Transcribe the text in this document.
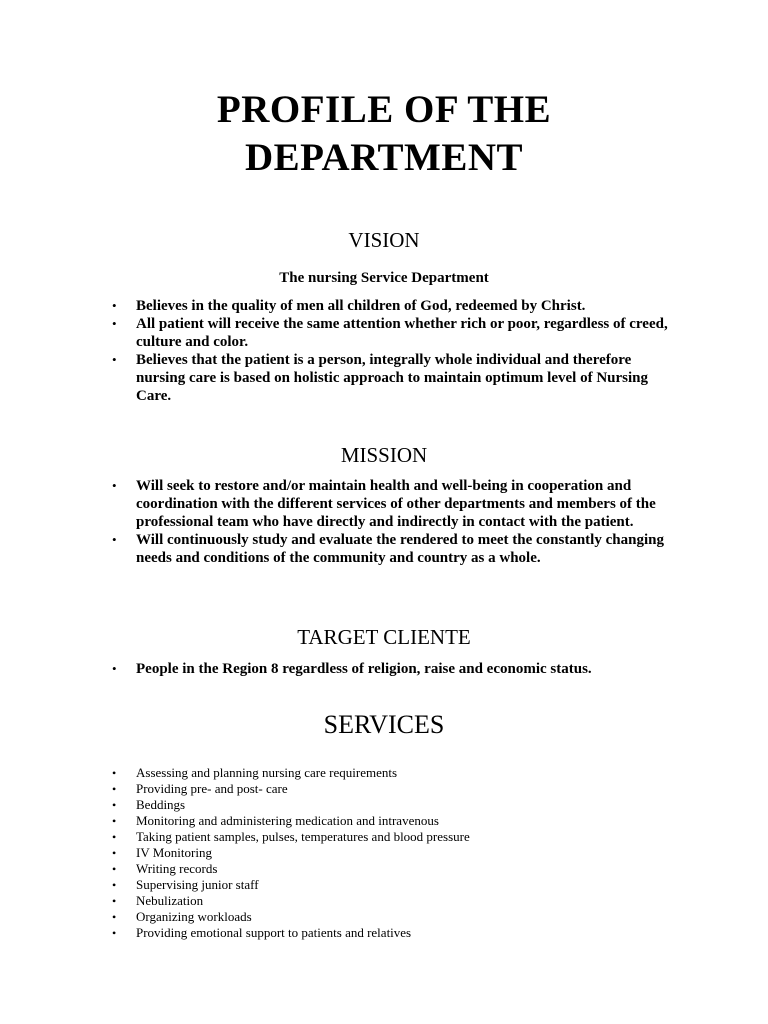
PROFILE OF THE
DEPARTMENT
VISION

The nursing Service Department

• Believes in the quality of men all children of God, redeemed by Christ.
• All patient will receive the same attention whether rich or poor, regardless of creed, culture and color.
• Believes that the patient is a person, integrally whole individual and therefore nursing care is based on holistic approach to maintain optimum level of Nursing Care.
MISSION
• Will seek to restore and/or maintain health and well-being in cooperation and coordination with the different services of other departments and members of the professional team who have directly and indirectly in contact with the patient.
• Will continuously study and evaluate the rendered to meet the constantly changing needs and conditions of the community and country as a whole.
TARGET CLIENTE
• People in the Region 8 regardless of religion, raise and economic status.
SERVICES
• Assessing and planning nursing care requirements
• Providing pre- and post- care
• Beddings
• Monitoring and administering medication and intravenous
• Taking patient samples, pulses, temperatures and blood pressure
• IV Monitoring
• Writing records
• Supervising junior staff
• Nebulization
• Organizing workloads
• Providing emotional support to patients and relatives
